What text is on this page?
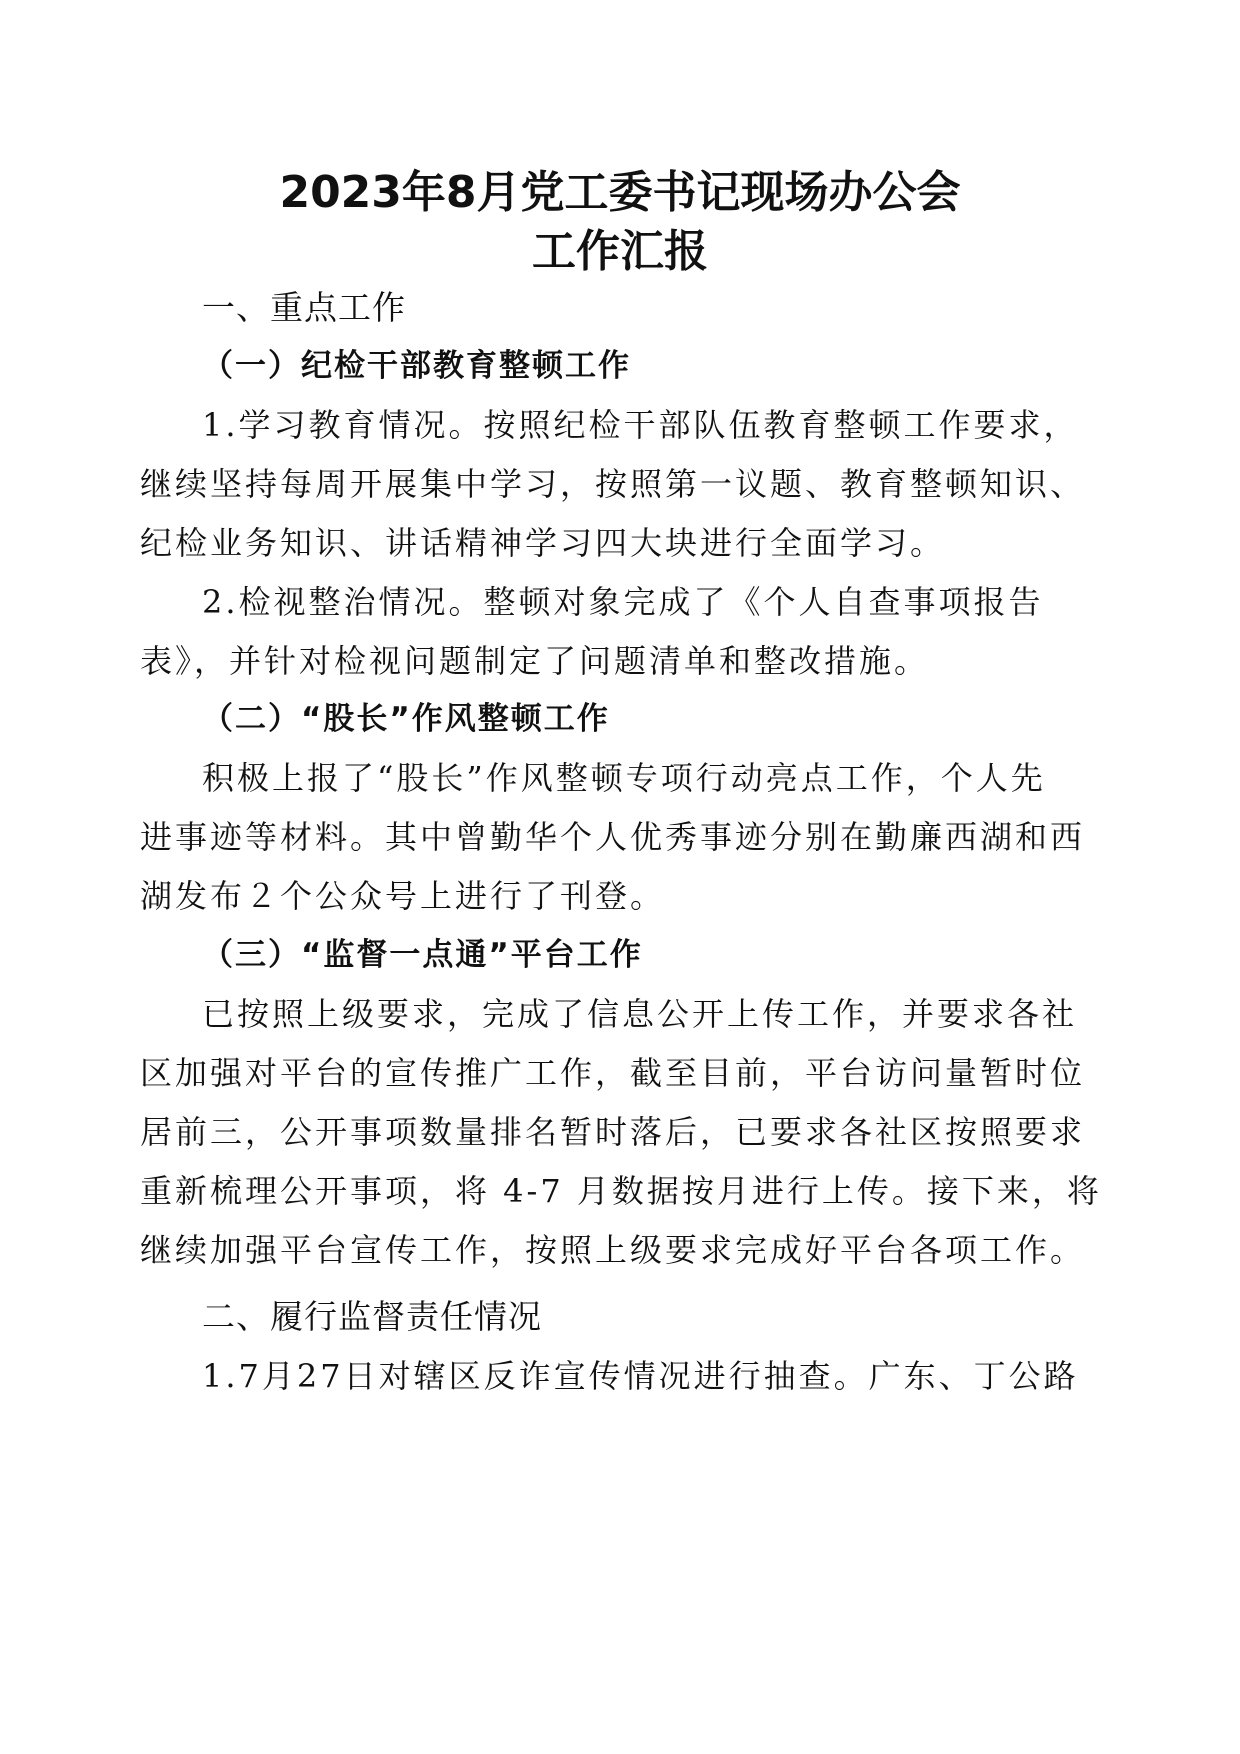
2023年8月党工委书记现场办公会
工作汇报
一、重点工作
（一）纪检干部教育整顿工作
1.学习教育情况。按照纪检干部队伍教育整顿工作要求，
继续坚持每周开展集中学习，按照第一议题、教育整顿知识、
纪检业务知识、讲话精神学习四大块进行全面学习。
2.检视整治情况。整顿对象完成了《个人自查事项报告
表》，并针对检视问题制定了问题清单和整改措施。
（二）“股长”作风整顿工作
积极上报了“股长”作风整顿专项行动亮点工作，个人先
进事迹等材料。其中曾勤华个人优秀事迹分别在勤廉西湖和西
湖发布２个公众号上进行了刊登。
（三）“监督一点通”平台工作
已按照上级要求，完成了信息公开上传工作，并要求各社
区加强对平台的宣传推广工作，截至目前，平台访问量暂时位
居前三，公开事项数量排名暂时落后，已要求各社区按照要求
重新梳理公开事项，将 4-7 月数据按月进行上传。接下来，将
继续加强平台宣传工作，按照上级要求完成好平台各项工作。
二、履行监督责任情况
1.7月27日对辖区反诈宣传情况进行抽查。广东、丁公路
